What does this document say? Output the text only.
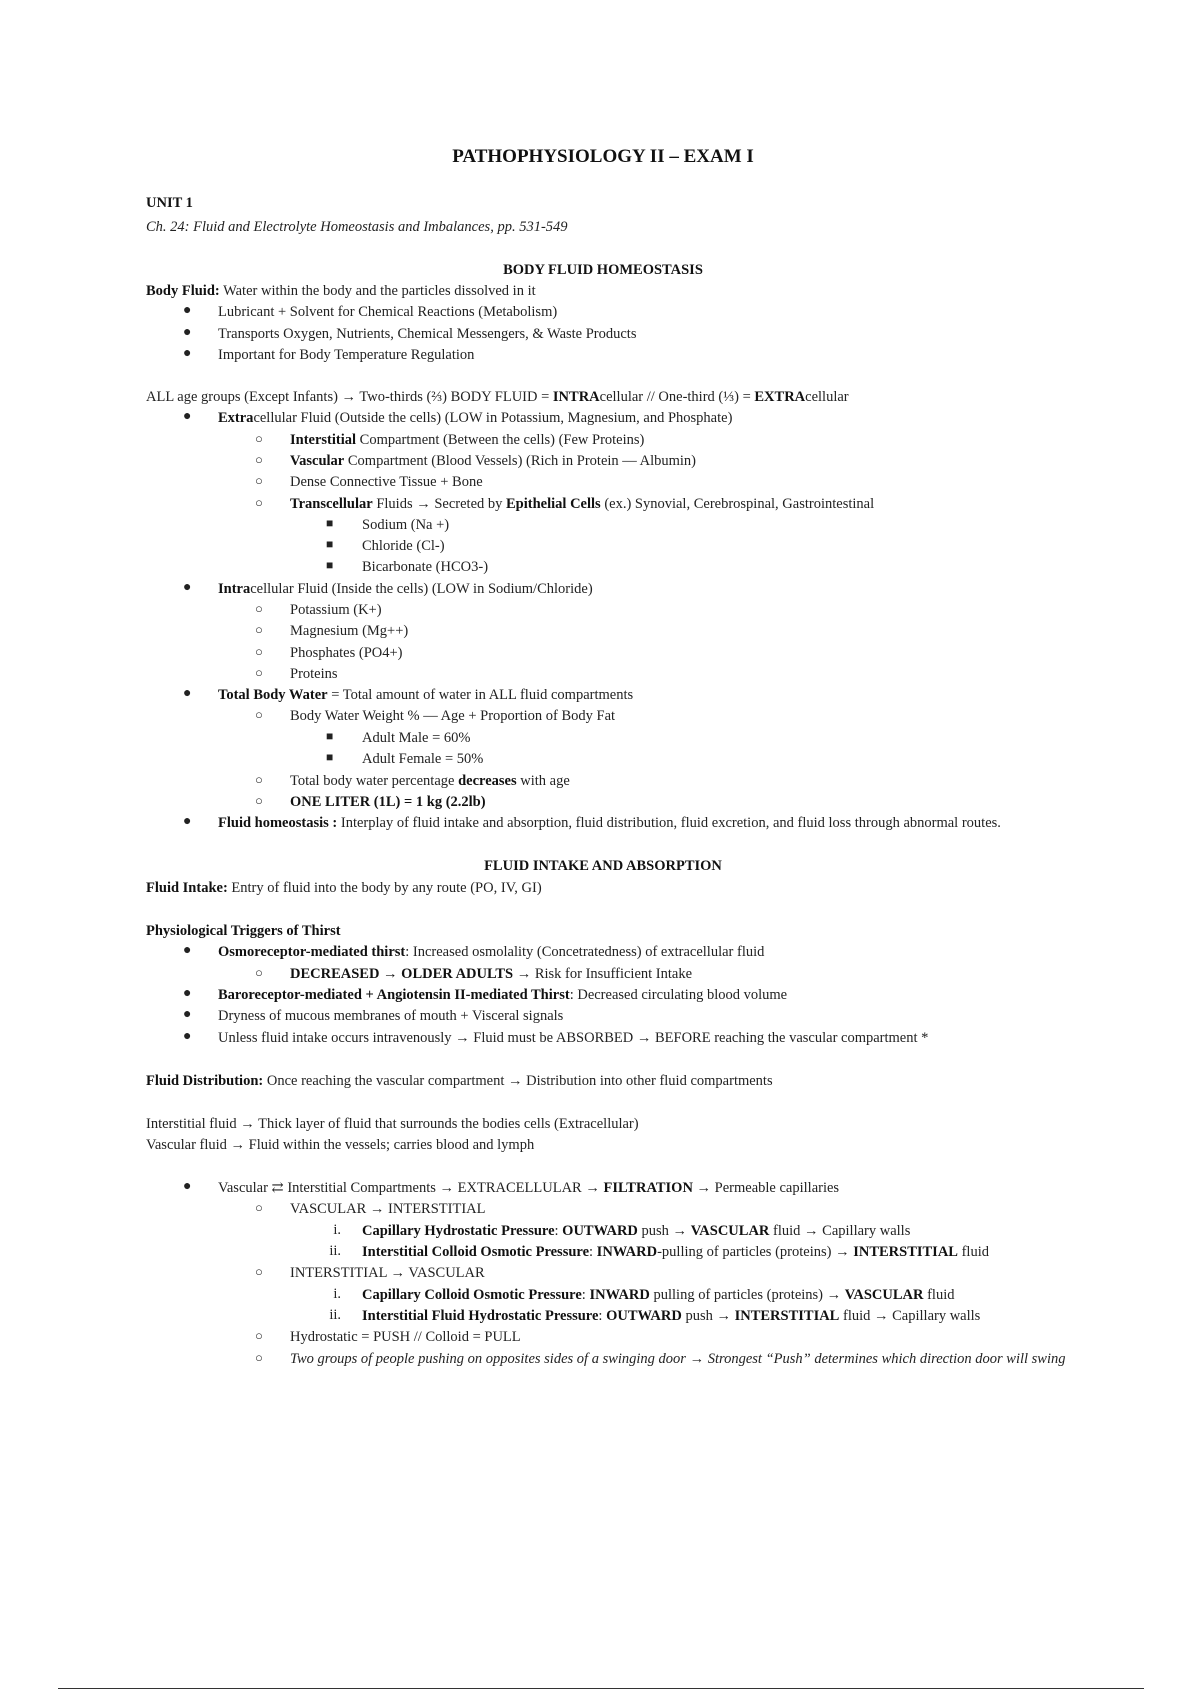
PATHOPHYSIOLOGY II – EXAM I
UNIT 1
Ch. 24: Fluid and Electrolyte Homeostasis and Imbalances, pp. 531-549
BODY FLUID HOMEOSTASIS
Body Fluid: Water within the body and the particles dissolved in it
● Lubricant + Solvent for Chemical Reactions (Metabolism)
● Transports Oxygen, Nutrients, Chemical Messengers, & Waste Products
● Important for Body Temperature Regulation
ALL age groups (Except Infants) → Two-thirds (⅔) BODY FLUID = INTRAcellular // One-third (⅓) = EXTRAcellular
● Extracellular Fluid (Outside the cells) (LOW in Potassium, Magnesium, and Phosphate)
○ Interstitial Compartment (Between the cells) (Few Proteins)
○ Vascular Compartment (Blood Vessels) (Rich in Protein — Albumin)
○ Dense Connective Tissue + Bone
○ Transcellular Fluids → Secreted by Epithelial Cells (ex.) Synovial, Cerebrospinal, Gastrointestinal
■ Sodium (Na +)
■ Chloride (Cl-)
■ Bicarbonate (HCO3-)
● Intracellular Fluid (Inside the cells) (LOW in Sodium/Chloride)
○ Potassium (K+)
○ Magnesium (Mg++)
○ Phosphates (PO4+)
○ Proteins
● Total Body Water = Total amount of water in ALL fluid compartments
○ Body Water Weight % — Age + Proportion of Body Fat
■ Adult Male = 60%
■ Adult Female = 50%
○ Total body water percentage decreases with age
○ ONE LITER (1L) = 1 kg (2.2lb)
● Fluid homeostasis : Interplay of fluid intake and absorption, fluid distribution, fluid excretion, and fluid loss through abnormal routes.
FLUID INTAKE AND ABSORPTION
Fluid Intake: Entry of fluid into the body by any route (PO, IV, GI)
Physiological Triggers of Thirst
● Osmoreceptor-mediated thirst: Increased osmolality (Concetratedness) of extracellular fluid
○ DECREASED → OLDER ADULTS → Risk for Insufficient Intake
● Baroreceptor-mediated + Angiotensin II-mediated Thirst: Decreased circulating blood volume
● Dryness of mucous membranes of mouth + Visceral signals
● Unless fluid intake occurs intravenously → Fluid must be ABSORBED → BEFORE reaching the vascular compartment *
Fluid Distribution: Once reaching the vascular compartment → Distribution into other fluid compartments
Interstitial fluid → Thick layer of fluid that surrounds the bodies cells (Extracellular)
Vascular fluid → Fluid within the vessels; carries blood and lymph
● Vascular ⇄ Interstitial Compartments → EXTRACELLULAR → FILTRATION → Permeable capillaries
○ VASCULAR → INTERSTITIAL
i. Capillary Hydrostatic Pressure: OUTWARD push → VASCULAR fluid → Capillary walls
ii. Interstitial Colloid Osmotic Pressure: INWARD-pulling of particles (proteins) → INTERSTITIAL fluid
○ INTERSTITIAL → VASCULAR
i. Capillary Colloid Osmotic Pressure: INWARD pulling of particles (proteins) → VASCULAR fluid
ii. Interstitial Fluid Hydrostatic Pressure: OUTWARD push → INTERSTITIAL fluid → Capillary walls
○ Hydrostatic = PUSH // Colloid = PULL
○ Two groups of people pushing on opposites sides of a swinging door → Strongest “Push” determines which direction door will swing
